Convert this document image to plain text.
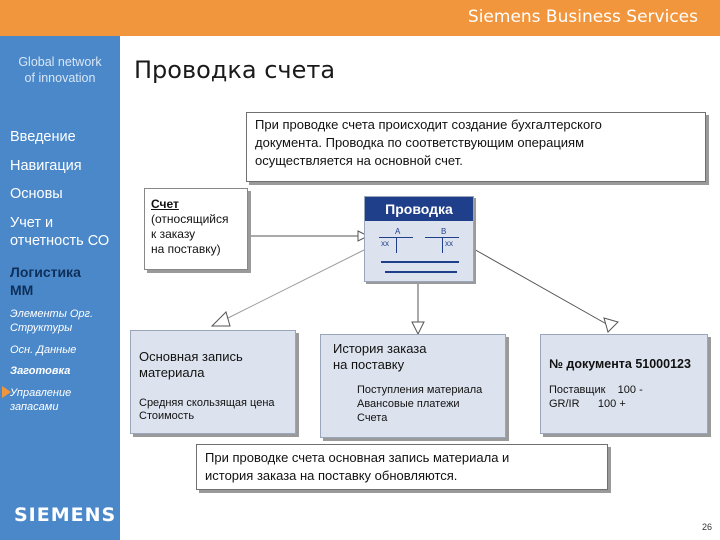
Siemens Business Services
Global network
of innovation
SIEMENS
Проводка счета
Введение
Навигация
Основы
Учет и
отчетность СО
Логистика
ММ
Элементы Орг.
Структуры
Осн. Данные
Заготовка
Управление
запасами
При проводке счета происходит создание бухгалтерского
документа. Проводка по соответствующим операциям
осуществляется на основной счет.
Счет
(относящийся
к заказу
на поставку)
Проводка
А	В
xx	xx
Основная запись
материала
Средняя скользящая цена
Стоимость
История заказа
на поставку
Поступления материала
Авансовые платежи
Счета
№ документа 51000123
Поставщик 100 -
GR/IR 100 +
При проводке счета основная запись материала и
история заказа на поставку обновляются.
26
